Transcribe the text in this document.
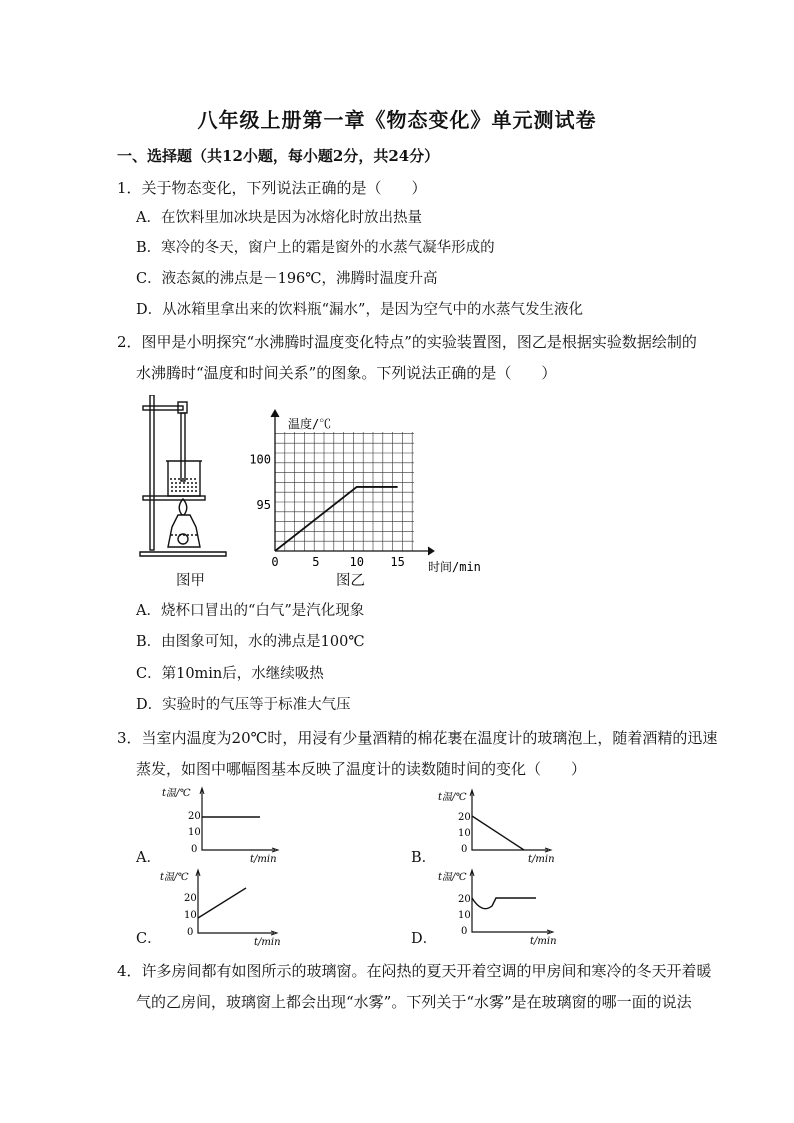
八年级上册第一章《物态变化》单元测试卷
一、选择题（共12小题，每小题2分，共24分）
1．关于物态变化，下列说法正确的是（　　）
A．在饮料里加冰块是因为冰熔化时放出热量
B．寒冷的冬天，窗户上的霜是窗外的水蒸气凝华形成的
C．液态氮的沸点是－196℃，沸腾时温度升高
D．从冰箱里拿出来的饮料瓶“漏水”，是因为空气中的水蒸气发生液化
2．图甲是小明探究“水沸腾时温度变化特点”的实验装置图，图乙是根据实验数据绘制的
水沸腾时“温度和时间关系”的图象。下列说法正确的是（　　）
0	5	10 15
95
100
温度/℃
时间/min
图甲	图乙
A．烧杯口冒出的“白气”是汽化现象
B．由图象可知，水的沸点是100℃
C．第10min后，水继续吸热
D．实验时的气压等于标准大气压
3．当室内温度为20℃时，用浸有少量酒精的棉花裹在温度计的玻璃泡上，随着酒精的迅速
蒸发，如图中哪幅图基本反映了温度计的读数随时间的变化（　　）
A．	B．
C．	D．
t温/℃
20
10
0
t/min
t温/℃
20
10
0
t/min
t温/℃
20
10
0
t/min
t温/℃
20
10
0
t/min
4．许多房间都有如图所示的玻璃窗。在闷热的夏天开着空调的甲房间和寒冷的冬天开着暖
气的乙房间，玻璃窗上都会出现“水雾”。下列关于“水雾”是在玻璃窗的哪一面的说法
